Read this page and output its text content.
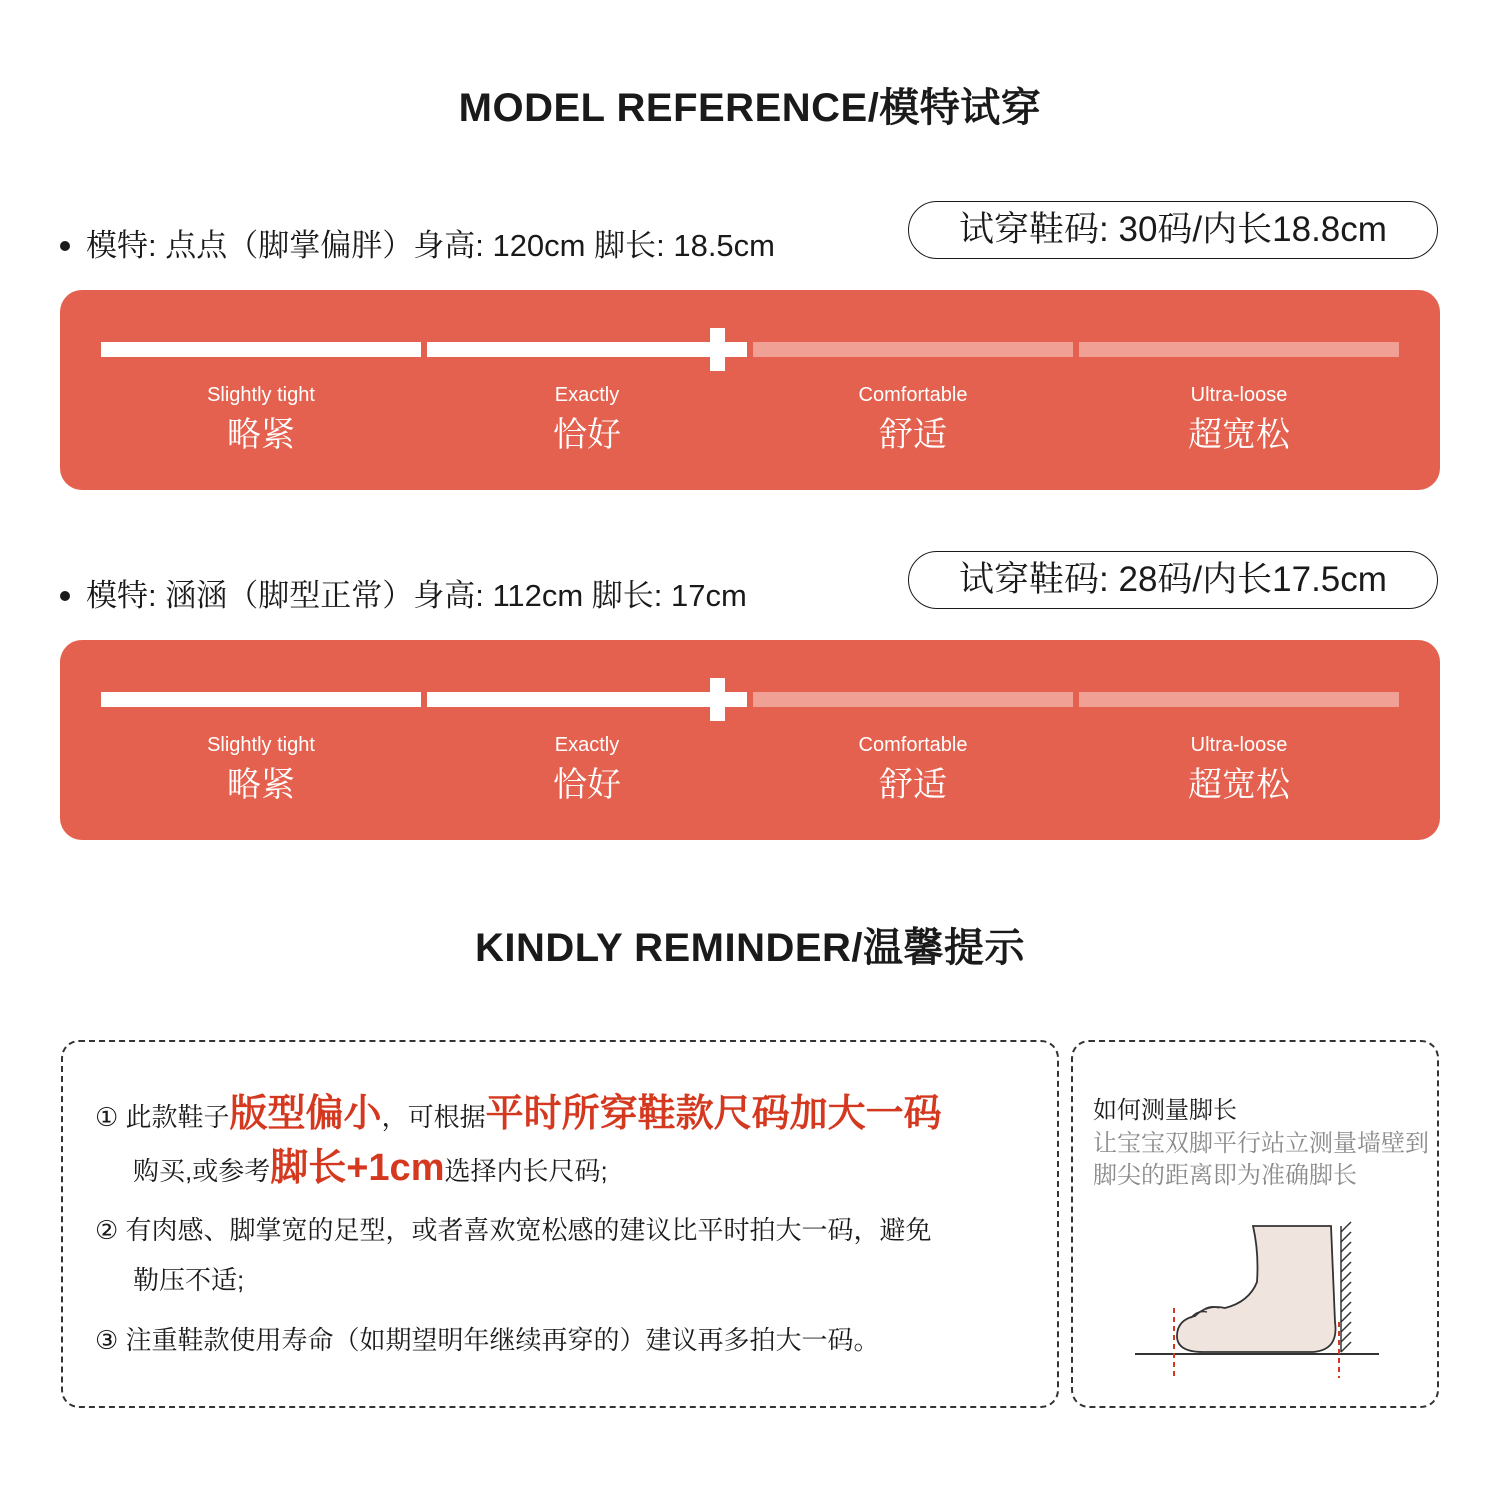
MODEL REFERENCE/模特试穿
模特: 点点（脚掌偏胖）身高: 120cm 脚长: 18.5cm	试穿鞋码: 30码/内长18.8cm
Slightly tight
略紧
Exactly
恰好
Comfortable
舒适
Ultra-loose
超宽松
模特: 涵涵（脚型正常）身高: 112cm 脚长: 17cm	试穿鞋码: 28码/内长17.5cm
Slightly tight
略紧
Exactly
恰好
Comfortable
舒适
Ultra-loose
超宽松
KINDLY REMINDER/温馨提示
① 此款鞋子版型偏小，可根据平时所穿鞋款尺码加大一码
购买,或参考脚长+1cm选择内长尺码;
② 有肉感、脚掌宽的足型，或者喜欢宽松感的建议比平时拍大一码，避免
勒压不适;
③ 注重鞋款使用寿命（如期望明年继续再穿的）建议再多拍大一码。
如何测量脚长
让宝宝双脚平行站立测量墙壁到脚尖的距离即为准确脚长
